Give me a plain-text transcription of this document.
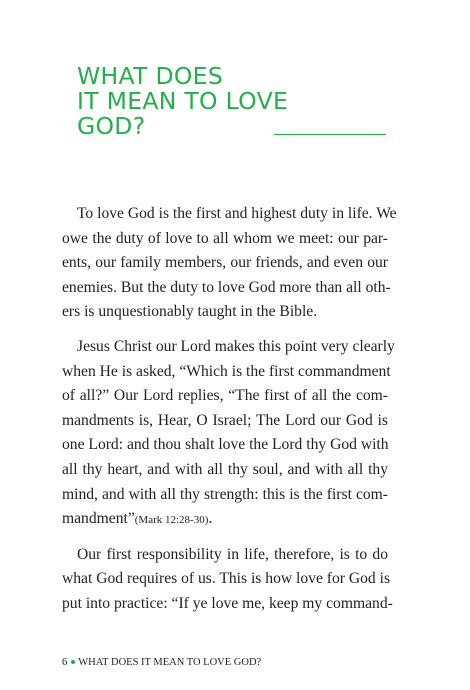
WHAT DOES
IT MEAN TO LOVE
GOD?

To love God is the first and highest duty in life. We
owe the duty of love to all whom we meet: our par-
ents, our family members, our friends, and even our
enemies. But the duty to love God more than all oth-
ers is unquestionably taught in the Bible.

Jesus Christ our Lord makes this point very clearly
when He is asked, “Which is the first commandment
of all?” Our Lord replies, “The first of all the com-
mandments is, Hear, O Israel; The Lord our God is
one Lord: and thou shalt love the Lord thy God with
all thy heart, and with all thy soul, and with all thy
mind, and with all thy strength: this is the first com-
mandment”(Mark 12:28-30).

Our first responsibility in life, therefore, is to do
what God requires of us. This is how love for God is
put into practice: “If ye love me, keep my command-

6 WHAT DOES IT MEAN TO LOVE GOD?
